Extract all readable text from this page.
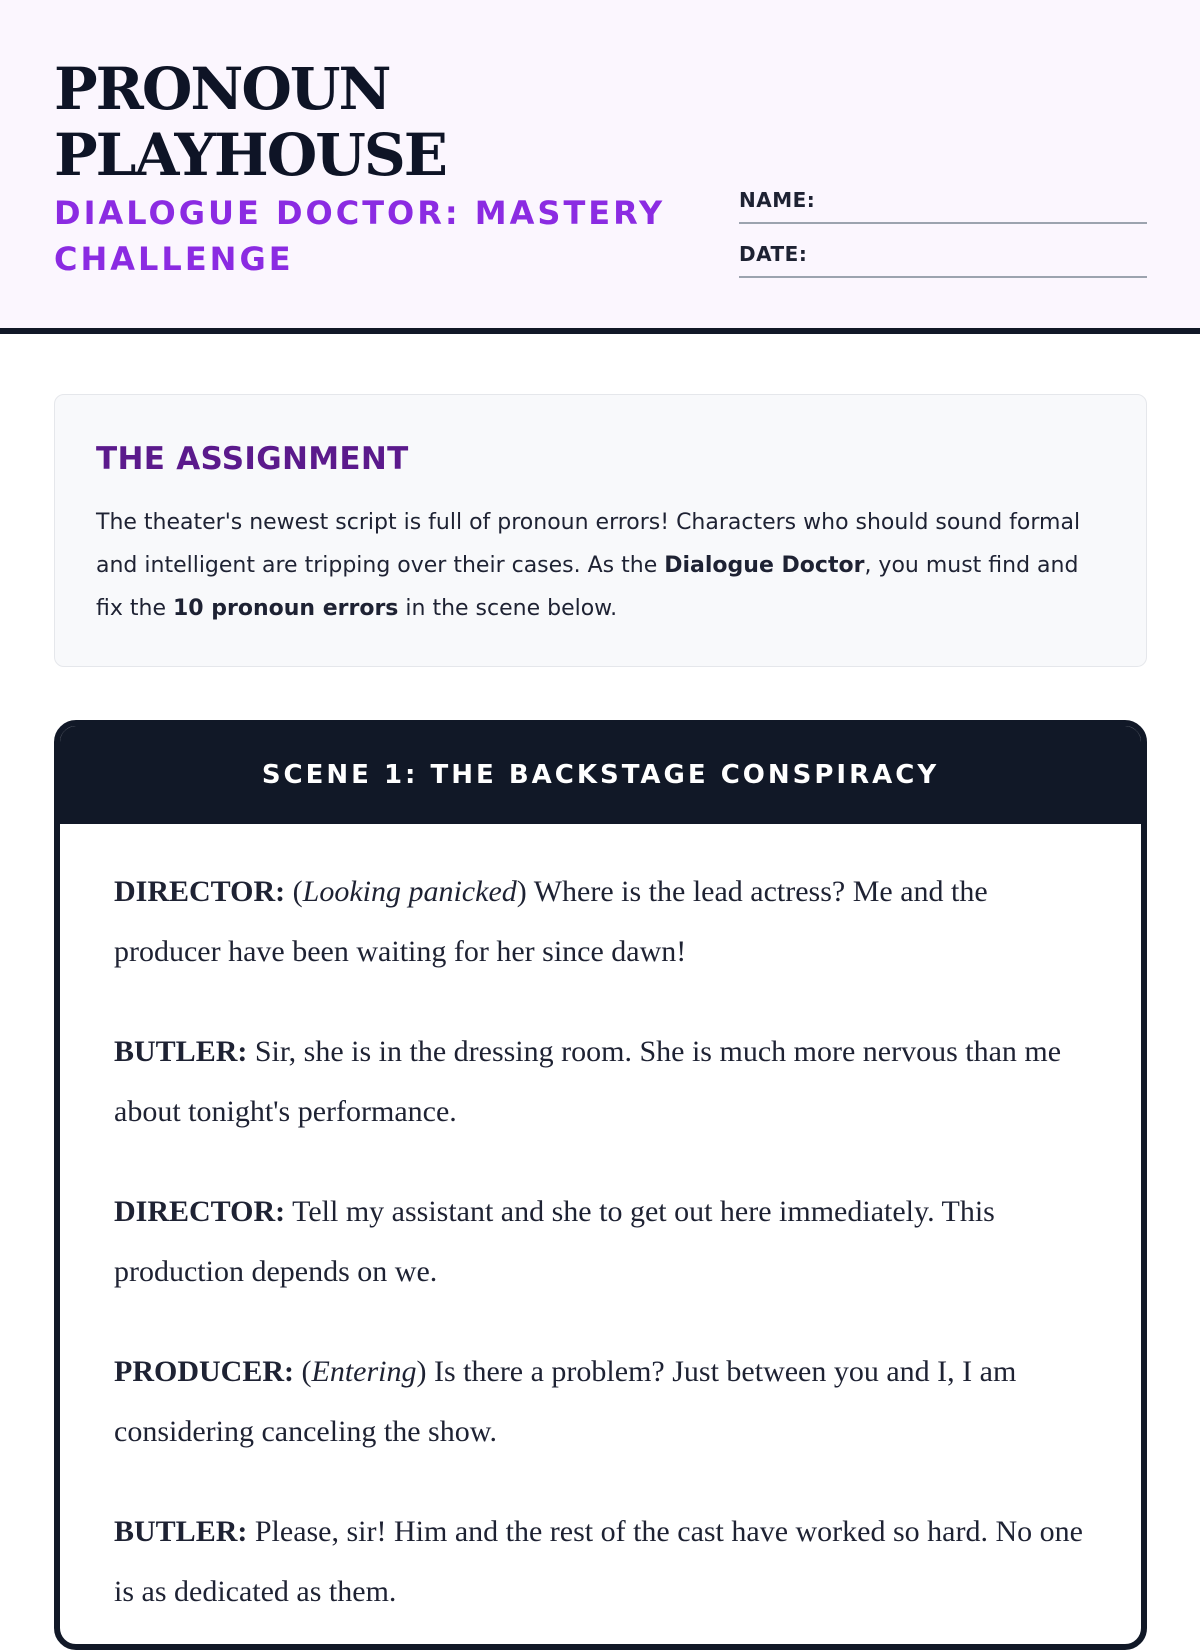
PRONOUN PLAYHOUSE
DIALOGUE DOCTOR: MASTERY CHALLENGE
NAME:
DATE:
THE ASSIGNMENT

The theater's newest script is full of pronoun errors! Characters who should sound formal and intelligent are tripping over their cases. As the Dialogue Doctor, you must find and fix the 10 pronoun errors in the scene below.

SCENE 1: THE BACKSTAGE CONSPIRACY

DIRECTOR: (Looking panicked) Where is the lead actress? Me and the producer have been waiting for her since dawn!

BUTLER: Sir, she is in the dressing room. She is much more nervous than me about tonight's performance.

DIRECTOR: Tell my assistant and she to get out here immediately. This production depends on we.

PRODUCER: (Entering) Is there a problem? Just between you and I, I am considering canceling the show.

BUTLER: Please, sir! Him and the rest of the cast have worked so hard. No one is as dedicated as them.
